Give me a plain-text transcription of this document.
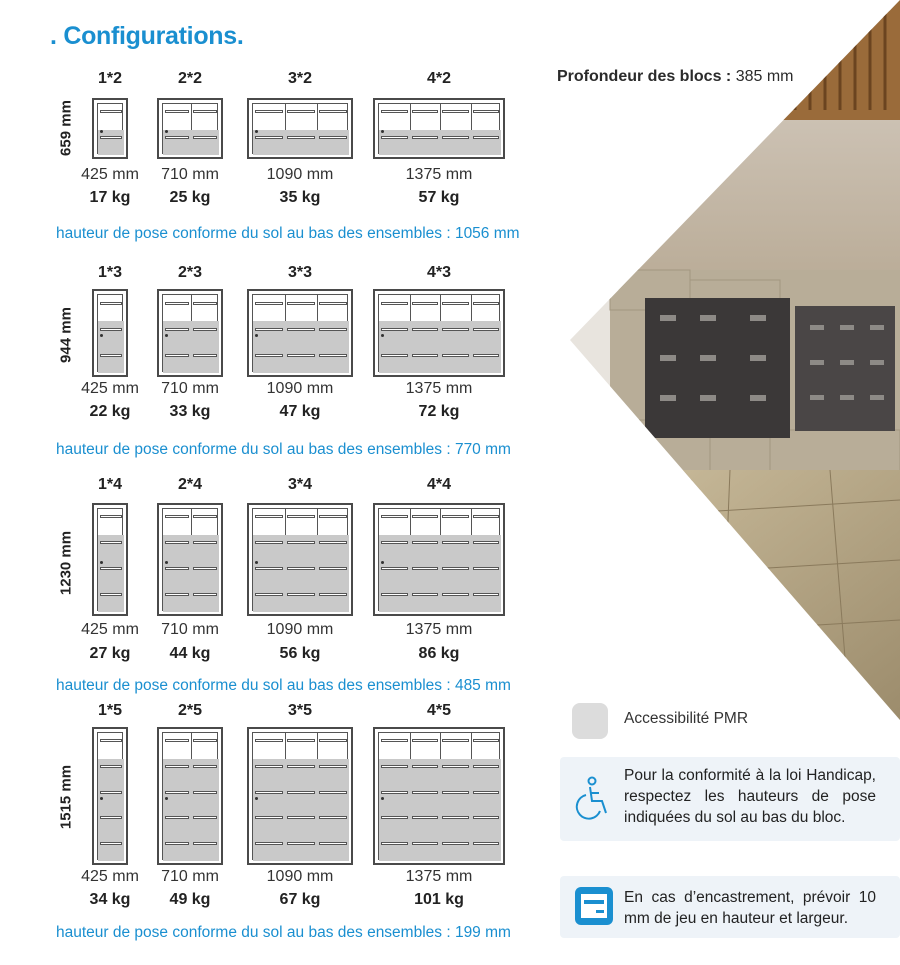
. Configurations.
Profondeur des blocs : 385 mm
659 mm
1*2
425 mm
17 kg
2*2
710 mm
25 kg
3*2
1090 mm
35 kg
4*2
1375 mm
57 kg
hauteur de pose conforme du sol au bas des ensembles : 1056 mm
944 mm
1*3
425 mm
22 kg
2*3
710 mm
33 kg
3*3
1090 mm
47 kg
4*3
1375 mm
72 kg
hauteur de pose conforme du sol au bas des ensembles : 770 mm
1230 mm
1*4
425 mm
27 kg
2*4
710 mm
44 kg
3*4
1090 mm
56 kg
4*4
1375 mm
86 kg
hauteur de pose conforme du sol au bas des ensembles : 485 mm
1515 mm
1*5
425 mm
34 kg
2*5
710 mm
49 kg
3*5
1090 mm
67 kg
4*5
1375 mm
101 kg
hauteur de pose conforme du sol au bas des ensembles : 199 mm
Accessibilité PMR
Pour la conformité à la loi Handicap, respectez les hauteurs de pose indiquées du sol au bas du bloc.
En cas d’encastrement, prévoir 10 mm de jeu en hauteur et largeur.
